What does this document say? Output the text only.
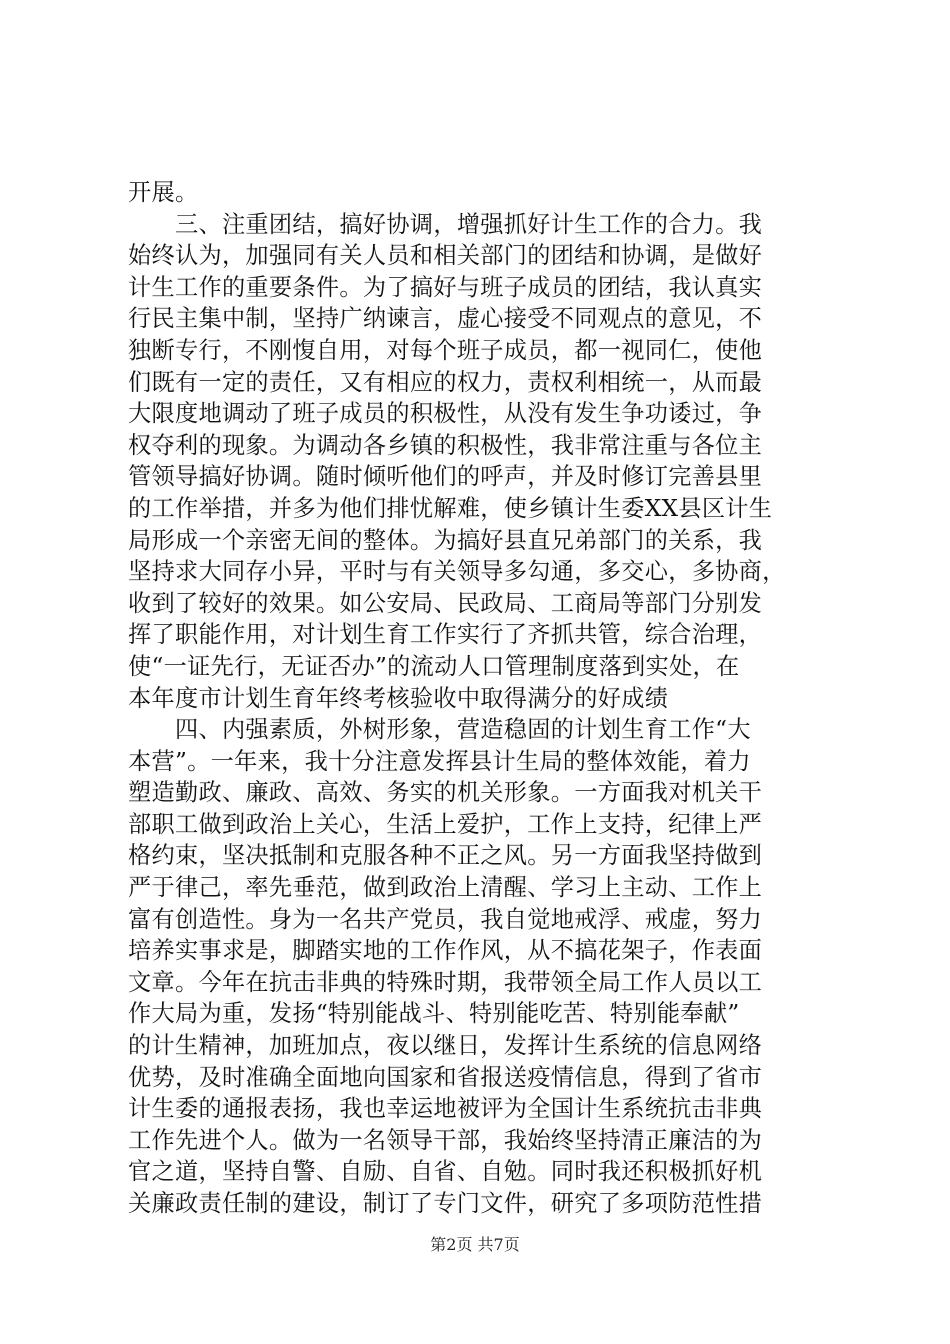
开展。
　　三、注重团结，搞好协调，增强抓好计生工作的合力。我
始终认为，加强同有关人员和相关部门的团结和协调，是做好
计生工作的重要条件。为了搞好与班子成员的团结，我认真实
行民主集中制，坚持广纳谏言，虚心接受不同观点的意见，不
独断专行，不刚愎自用，对每个班子成员，都一视同仁，使他
们既有一定的责任，又有相应的权力，责权利相统一，从而最
大限度地调动了班子成员的积极性，从没有发生争功诿过，争
权夺利的现象。为调动各乡镇的积极性，我非常注重与各位主
管领导搞好协调。随时倾听他们的呼声，并及时修订完善县里
的工作举措，并多为他们排忧解难，使乡镇计生委XX县区计生
局形成一个亲密无间的整体。为搞好县直兄弟部门的关系，我
坚持求大同存小异，平时与有关领导多勾通，多交心，多协商，
收到了较好的效果。如公安局、民政局、工商局等部门分别发
挥了职能作用，对计划生育工作实行了齐抓共管，综合治理，
使“一证先行，无证否办”的流动人口管理制度落到实处，在
本年度市计划生育年终考核验收中取得满分的好成绩
　　四、内强素质，外树形象，营造稳固的计划生育工作“大
本营”。一年来，我十分注意发挥县计生局的整体效能，着力
塑造勤政、廉政、高效、务实的机关形象。一方面我对机关干
部职工做到政治上关心，生活上爱护，工作上支持，纪律上严
格约束，坚决抵制和克服各种不正之风。另一方面我坚持做到
严于律己，率先垂范，做到政治上清醒、学习上主动、工作上
富有创造性。身为一名共产党员，我自觉地戒浮、戒虚，努力
培养实事求是，脚踏实地的工作作风，从不搞花架子，作表面
文章。今年在抗击非典的特殊时期，我带领全局工作人员以工
作大局为重，发扬“特别能战斗、特别能吃苦、特别能奉献”
的计生精神，加班加点，夜以继日，发挥计生系统的信息网络
优势，及时准确全面地向国家和省报送疫情信息，得到了省市
计生委的通报表扬，我也幸运地被评为全国计生系统抗击非典
工作先进个人。做为一名领导干部，我始终坚持清正廉洁的为
官之道，坚持自警、自励、自省、自勉。同时我还积极抓好机
关廉政责任制的建设，制订了专门文件，研究了多项防范性措
第2页 共7页
